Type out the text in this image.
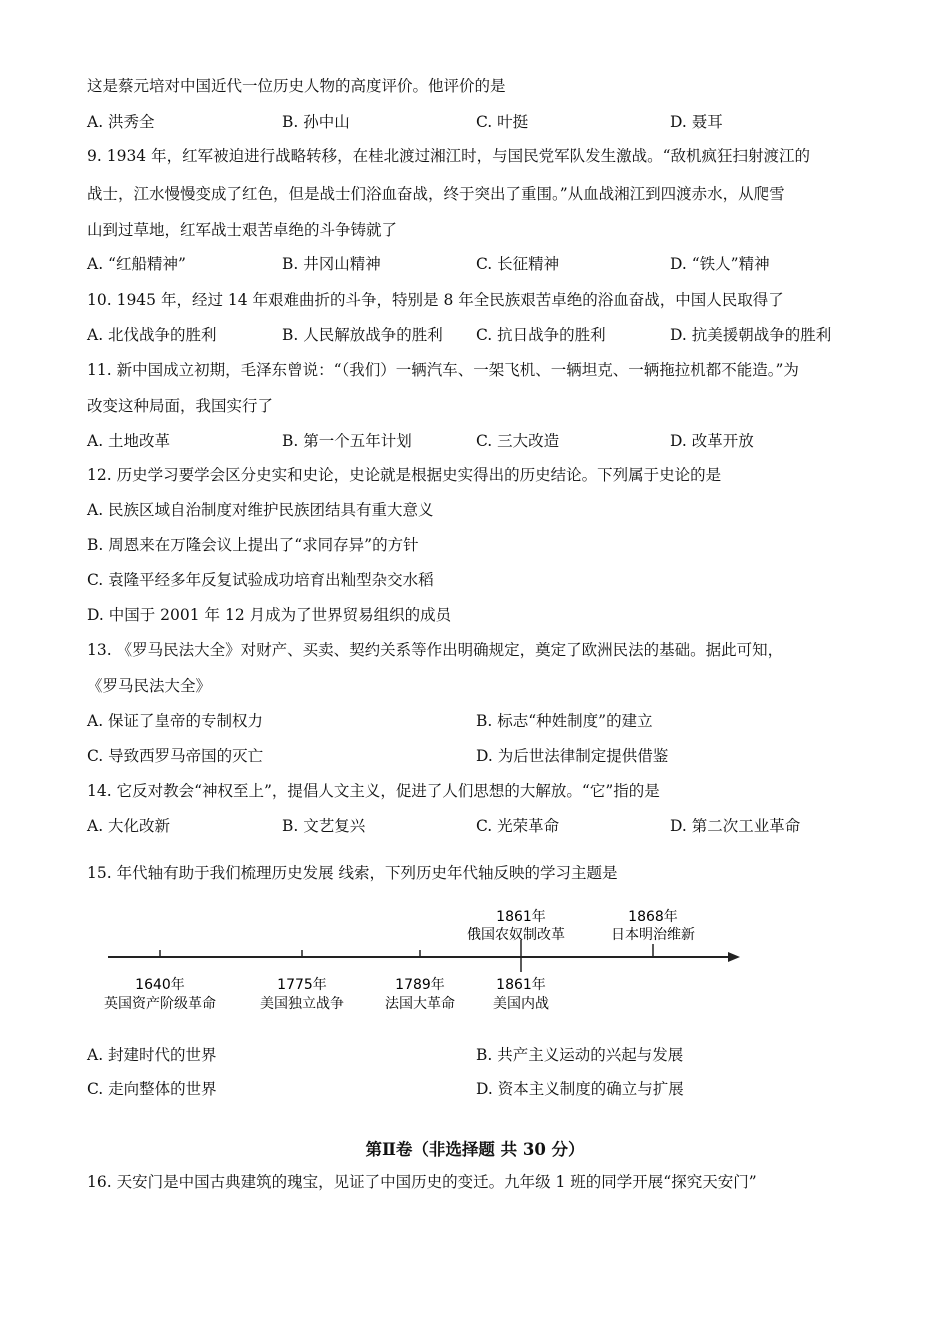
这是蔡元培对中国近代一位历史人物的高度评价。他评价的是
A. 洪秀全	B. 孙中山	C. 叶挺	D. 聂耳
9. 1934 年，红军被迫进行战略转移，在桂北渡过湘江时，与国民党军队发生激战。“敌机疯狂扫射渡江的
战士，江水慢慢变成了红色，但是战士们浴血奋战，终于突出了重围。”从血战湘江到四渡赤水，从爬雪
山到过草地，红军战士艰苦卓绝的斗争铸就了
A. “红船精神”	B. 井冈山精神	C. 长征精神	D. “铁人”精神
10. 1945 年，经过 14 年艰难曲折的斗争，特别是 8 年全民族艰苦卓绝的浴血奋战，中国人民取得了
A. 北伐战争的胜利	B. 人民解放战争的胜利 C. 抗日战争的胜利	D. 抗美援朝战争的胜利
11. 新中国成立初期，毛泽东曾说：“（我们）一辆汽车、一架飞机、一辆坦克、一辆拖拉机都不能造。”为
改变这种局面，我国实行了
A. 土地改革	B. 第一个五年计划	C. 三大改造	D. 改革开放
12. 历史学习要学会区分史实和史论，史论就是根据史实得出的历史结论。下列属于史论的是
A. 民族区域自治制度对维护民族团结具有重大意义
B. 周恩来在万隆会议上提出了“求同存异”的方针
C. 袁隆平经多年反复试验成功培育出籼型杂交水稻
D. 中国于 2001 年 12 月成为了世界贸易组织的成员
13. 《罗马民法大全》对财产、买卖、契约关系等作出明确规定，奠定了欧洲民法的基础。据此可知，
《罗马民法大全》
A. 保证了皇帝的专制权力	B. 标志“种姓制度”的建立
C. 导致西罗马帝国的灭亡	D. 为后世法律制定提供借鉴
14. 它反对教会“神权至上”，提倡人文主义，促进了人们思想的大解放。“它”指的是
A. 大化改新	B. 文艺复兴	C. 光荣革命	D. 第二次工业革命
15. 年代轴有助于我们梳理历史发展 线索，下列历史年代轴反映的学习主题是
1861年
俄国农奴制改革
1868年
日本明治维新
1640年
英国资产阶级革命
1775年
美国独立战争
1789年
法国大革命
1861年
美国内战
A. 封建时代的世界	B. 共产主义运动的兴起与发展
C. 走向整体的世界	D. 资本主义制度的确立与扩展
第Ⅱ卷（非选择题 共 30 分）
16. 天安门是中国古典建筑的瑰宝，见证了中国历史的变迁。九年级 1 班的同学开展“探究天安门”
